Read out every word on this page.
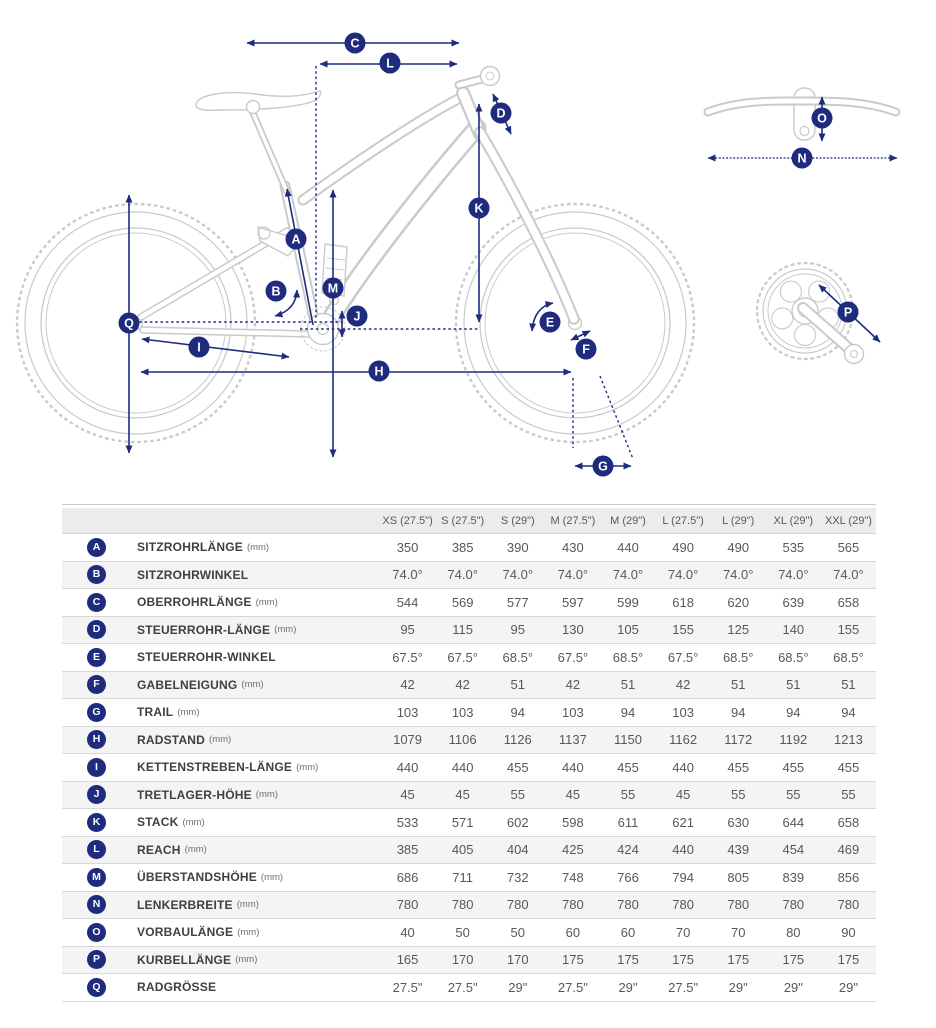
A
B
C
D
E
F
G
H
I
J
K
L
M
N
O
P
Q
	XS (27.5")	S (27.5")	S (29")	M (27.5")	M (29")	L (27.5")	L (29")	XL (29")	XXL (29")
A SITZROHRLÄNGE (mm)	350	385	390	430	440	490	490	535	565
B SITZROHRWINKEL	74.0°	74.0°	74.0°	74.0°	74.0°	74.0°	74.0°	74.0°	74.0°
C OBERROHRLÄNGE (mm)	544	569	577	597	599	618	620	639	658
D STEUERROHR-LÄNGE (mm)	95	115	95	130	105	155	125	140	155
E STEUERROHR-WINKEL	67.5°	67.5°	68.5°	67.5°	68.5°	67.5°	68.5°	68.5°	68.5°
F GABELNEIGUNG (mm)	42	42	51	42	51	42	51	51	51
G TRAIL (mm)	103	103	94	103	94	103	94	94	94
H RADSTAND (mm)	1079	1106	1126	1137	1150	1162	1172	1192	1213
I KETTENSTREBEN-LÄNGE (mm)	440	440	455	440	455	440	455	455	455
J TRETLAGER-HÖHE (mm)	45	45	55	45	55	45	55	55	55
K STACK (mm)	533	571	602	598	611	621	630	644	658
L REACH (mm)	385	405	404	425	424	440	439	454	469
M ÜBERSTANDSHÖHE (mm)	686	711	732	748	766	794	805	839	856
N LENKERBREITE (mm)	780	780	780	780	780	780	780	780	780
O VORBAULÄNGE (mm)	40	50	50	60	60	70	70	80	90
P KURBELLÄNGE (mm)	165	170	170	175	175	175	175	175	175
Q RADGRÖSSE	27.5"	27.5"	29"	27.5"	29"	27.5"	29"	29"	29"
